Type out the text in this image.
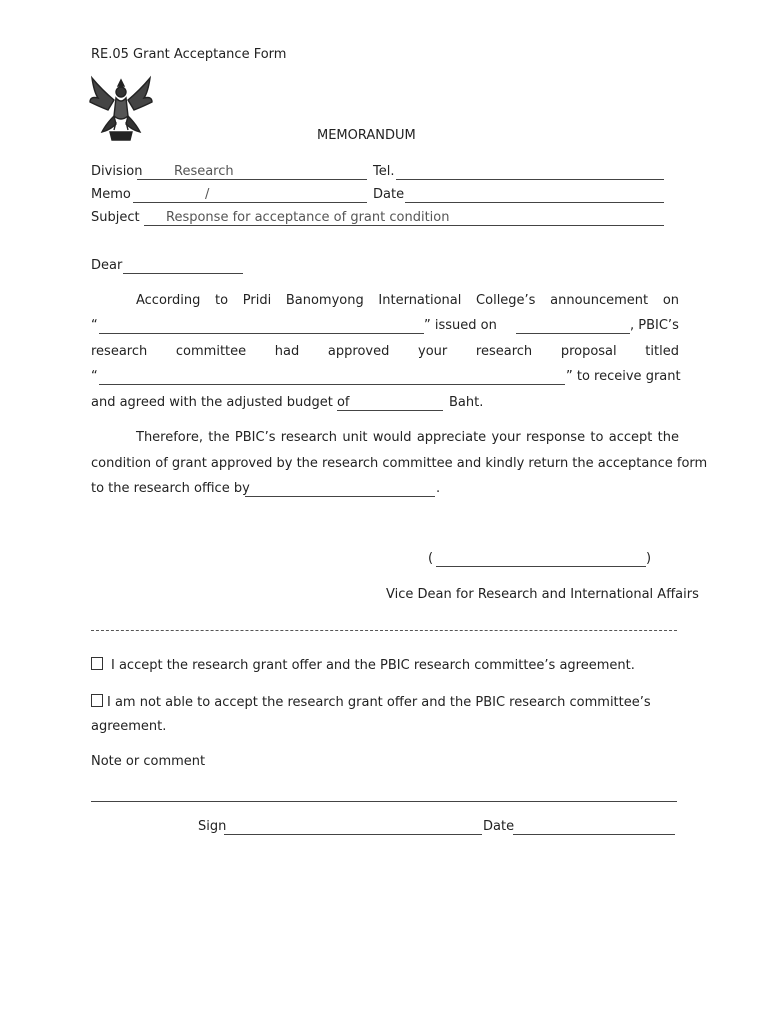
RE.05 Grant Acceptance Form
MEMORANDUM
Division Research	Tel.
Memo	/	Date
Subject Response for acceptance of grant condition
Dear
According to Pridi Banomyong International College’s announcement on
“	” issued on	, PBIC’s
research committee had approved your research proposal titled
“	” to receive grant
and agreed with the adjusted budget of	Baht.
Therefore, the PBIC’s research unit would appreciate your response to accept the
condition of grant approved by the research committee and kindly return the acceptance form
to the research office by	.
(	)
Vice Dean for Research and International Affairs
I accept the research grant offer and the PBIC research committee’s agreement.
I am not able to accept the research grant offer and the PBIC research committee’s
agreement.
Note or comment
Sign	Date
